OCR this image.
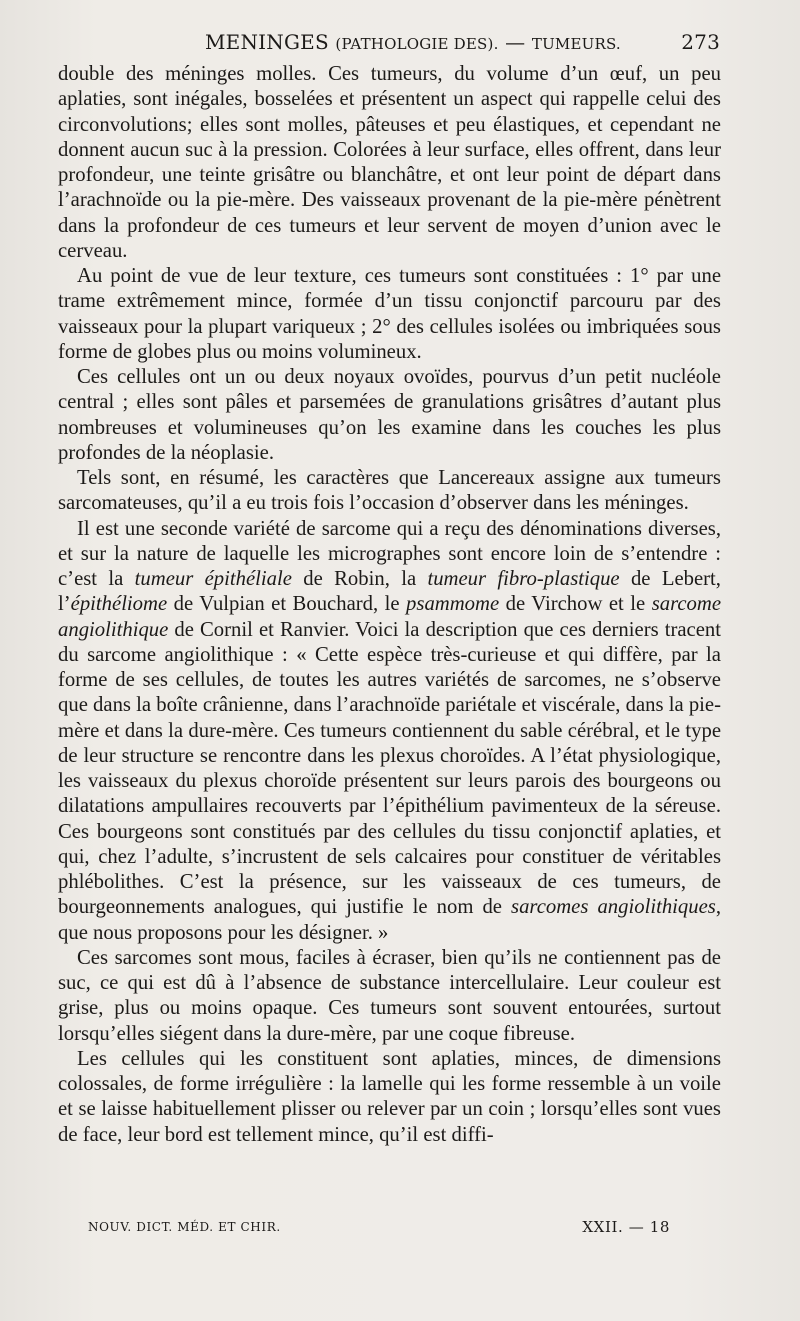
MENINGES (PATHOLOGIE DES). — TUMEURS.	273

double des méninges molles. Ces tumeurs, du volume d’un œuf, un peu aplaties, sont inégales, bosselées et présentent un aspect qui rappelle celui des circonvolutions; elles sont molles, pâteuses et peu élastiques, et cependant ne donnent aucun suc à la pression. Colorées à leur surface, elles offrent, dans leur profondeur, une teinte grisâtre ou blanchâtre, et ont leur point de départ dans l’arachnoïde ou la pie-mère. Des vaisseaux provenant de la pie-mère pénètrent dans la profondeur de ces tumeurs et leur servent de moyen d’union avec le cerveau.

Au point de vue de leur texture, ces tumeurs sont constituées : 1° par une trame extrêmement mince, formée d’un tissu conjonctif parcouru par des vaisseaux pour la plupart variqueux ; 2° des cellules isolées ou imbriquées sous forme de globes plus ou moins volumineux.

Ces cellules ont un ou deux noyaux ovoïdes, pourvus d’un petit nucléole central ; elles sont pâles et parsemées de granulations grisâtres d’autant plus nombreuses et volumineuses qu’on les examine dans les couches les plus profondes de la néoplasie.

Tels sont, en résumé, les caractères que Lancereaux assigne aux tumeurs sarcomateuses, qu’il a eu trois fois l’occasion d’observer dans les méninges.

Il est une seconde variété de sarcome qui a reçu des dénominations diverses, et sur la nature de laquelle les micrographes sont encore loin de s’entendre : c’est la tumeur épithéliale de Robin, la tumeur fibro-plastique de Lebert, l’épithéliome de Vulpian et Bouchard, le psammome de Virchow et le sarcome angiolithique de Cornil et Ranvier. Voici la description que ces derniers tracent du sarcome angiolithique : « Cette espèce très-curieuse et qui diffère, par la forme de ses cellules, de toutes les autres variétés de sarcomes, ne s’observe que dans la boîte crânienne, dans l’arachnoïde pariétale et viscérale, dans la pie-mère et dans la dure-mère. Ces tumeurs contiennent du sable cérébral, et le type de leur structure se rencontre dans les plexus choroïdes. A l’état physiologique, les vaisseaux du plexus choroïde présentent sur leurs parois des bourgeons ou dilatations ampullaires recouverts par l’épithélium pavimenteux de la séreuse. Ces bourgeons sont constitués par des cellules du tissu conjonctif aplaties, et qui, chez l’adulte, s’incrustent de sels calcaires pour constituer de véritables phlébolithes. C’est la présence, sur les vaisseaux de ces tumeurs, de bourgeonnements analogues, qui justifie le nom de sarcomes angiolithiques, que nous proposons pour les désigner. »

Ces sarcomes sont mous, faciles à écraser, bien qu’ils ne contiennent pas de suc, ce qui est dû à l’absence de substance intercellulaire. Leur couleur est grise, plus ou moins opaque. Ces tumeurs sont souvent entourées, surtout lorsqu’elles siégent dans la dure-mère, par une coque fibreuse.

Les cellules qui les constituent sont aplaties, minces, de dimensions colossales, de forme irrégulière : la lamelle qui les forme ressemble à un voile et se laisse habituellement plisser ou relever par un coin ; lorsqu’elles sont vues de face, leur bord est tellement mince, qu’il est diffi-

NOUV. DICT. MÉD. ET CHIR.	XXII. — 18
